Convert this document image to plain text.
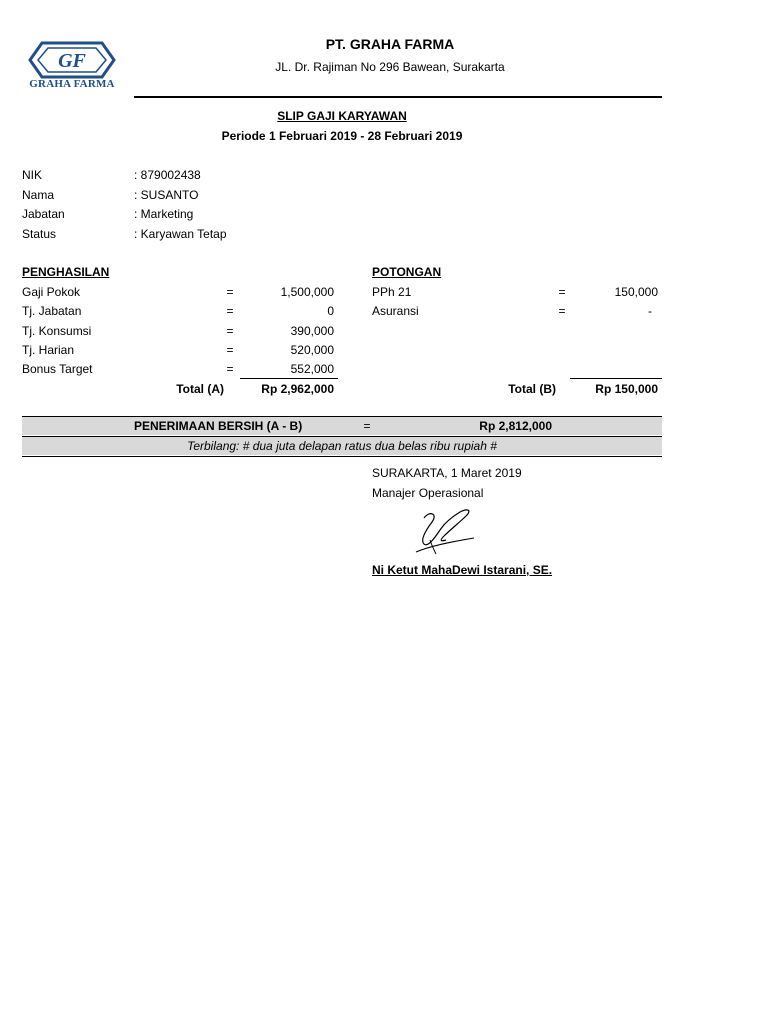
GF
GRAHA FARMA
PT. GRAHA FARMA
JL. Dr. Rajiman No 296 Bawean, Surakarta
SLIP GAJI KARYAWAN
Periode 1 Februari 2019 - 28 Februari 2019
NIK	: 879002438
Nama	: SUSANTO
Jabatan	: Marketing
Status	: Karyawan Tetap
PENGHASILAN
Gaji Pokok	=	1,500,000
Tj. Jabatan	=	0
Tj. Konsumsi	=	390,000
Tj. Harian	=	520,000
Bonus Target	=	552,000
Total (A)	Rp 2,962,000
POTONGAN
PPh 21	=	150,000
Asuransi	=	-
Total (B)	Rp 150,000
PENERIMAAN BERSIH (A - B)	=	Rp 2,812,000
Terbilang: # dua juta delapan ratus dua belas ribu rupiah #
SURAKARTA, 1 Maret 2019
Manajer Operasional
Ni Ketut MahaDewi Istarani, SE.
